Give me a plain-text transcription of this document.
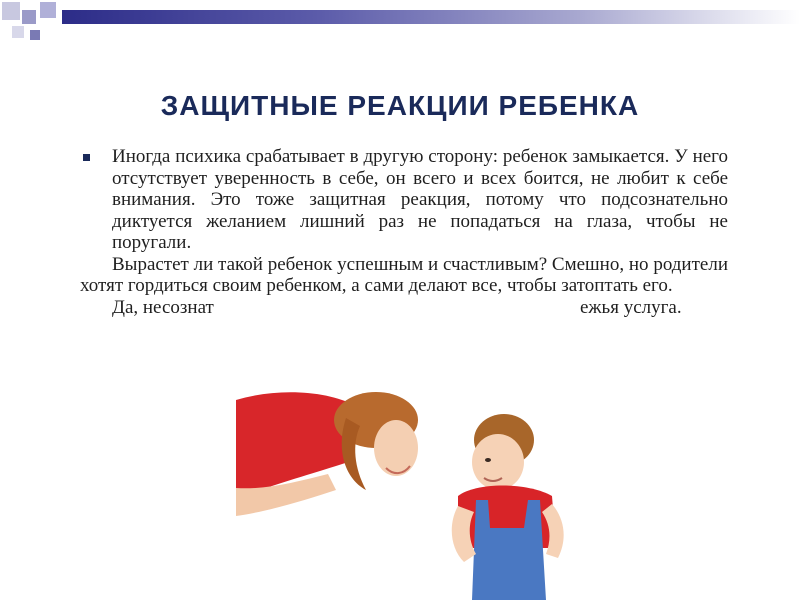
ЗАЩИТНЫЕ РЕАКЦИИ РЕБЕНКА

Иногда психика срабатывает в другую сторону: ребенок замыкается. У него отсутствует уверенность в себе, он всего и всех боится, не любит к себе внимания. Это тоже защитная реакция, потому что подсознательно диктуется желанием лишний раз не попадаться на глаза, чтобы не поругали.

Вырастет ли такой ребенок успешным и счастливым? Смешно, но родители хотят гордиться своим ребенком, а сами делают все, чтобы затоптать его.

Да, несознат	ежья услуга.
